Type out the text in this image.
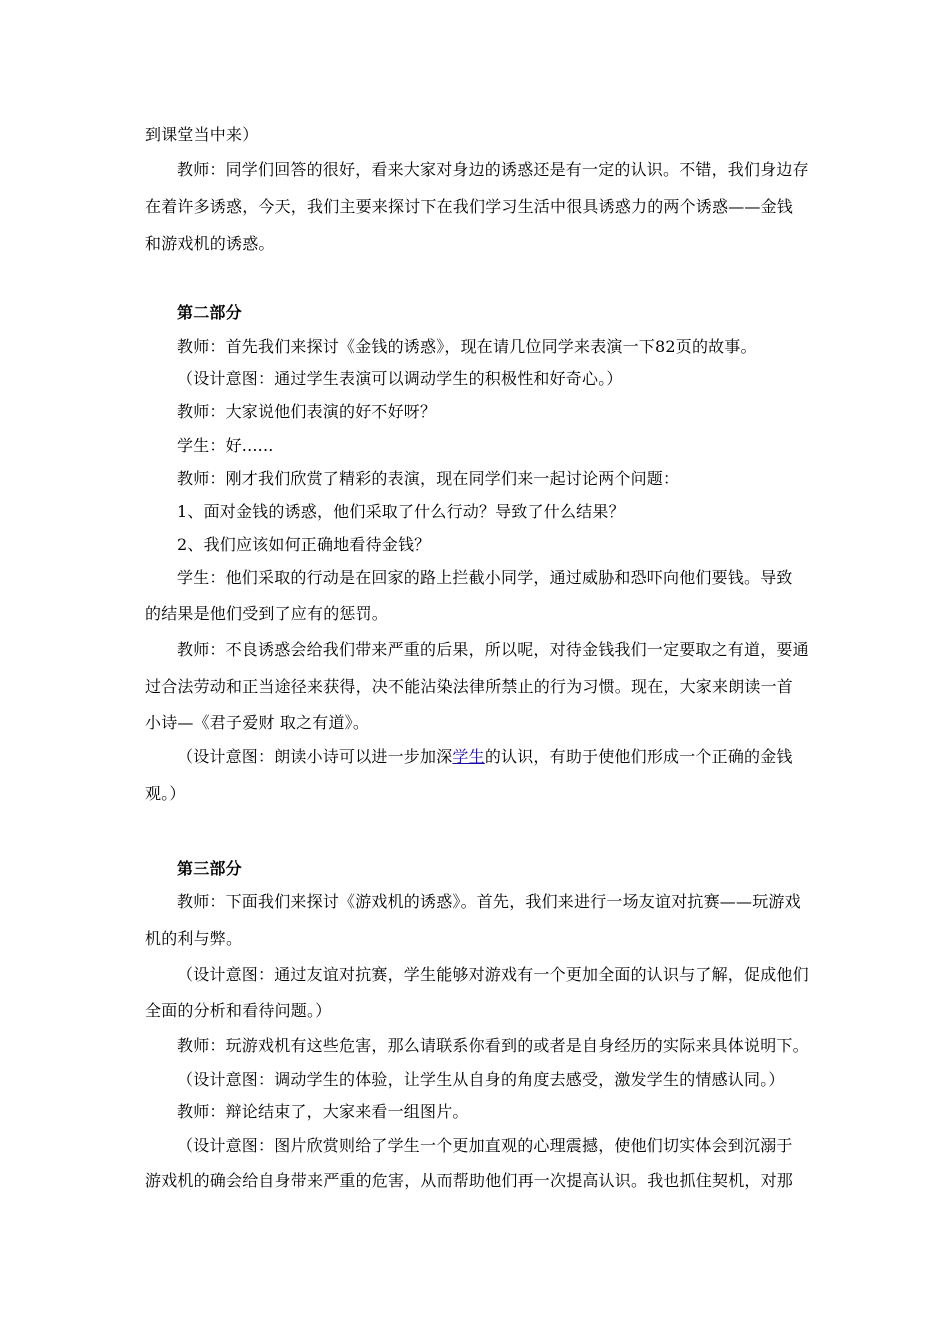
到课堂当中来）
教师：同学们回答的很好，看来大家对身边的诱惑还是有一定的认识。不错，我们身边存
在着许多诱惑，今天，我们主要来探讨下在我们学习生活中很具诱惑力的两个诱惑——金钱
和游戏机的诱惑。
第二部分
教师：首先我们来探讨《金钱的诱惑》，现在请几位同学来表演一下82页的故事。
（设计意图：通过学生表演可以调动学生的积极性和好奇心。）
教师：大家说他们表演的好不好呀？
学生：好......
教师：刚才我们欣赏了精彩的表演，现在同学们来一起讨论两个问题：
1、面对金钱的诱惑，他们采取了什么行动？导致了什么结果？
2、我们应该如何正确地看待金钱？
学生：他们采取的行动是在回家的路上拦截小同学，通过威胁和恐吓向他们要钱。导致
的结果是他们受到了应有的惩罚。
教师：不良诱惑会给我们带来严重的后果，所以呢，对待金钱我们一定要取之有道，要通
过合法劳动和正当途径来获得，决不能沾染法律所禁止的行为习惯。现在，大家来朗读一首
小诗—《君子爱财 取之有道》。
（设计意图：朗读小诗可以进一步加深学生的认识，有助于使他们形成一个正确的金钱
观。）
第三部分
教师：下面我们来探讨《游戏机的诱惑》。首先，我们来进行一场友谊对抗赛——玩游戏
机的利与弊。
（设计意图：通过友谊对抗赛，学生能够对游戏有一个更加全面的认识与了解，促成他们
全面的分析和看待问题。）
教师：玩游戏机有这些危害，那么请联系你看到的或者是自身经历的实际来具体说明下。
（设计意图：调动学生的体验，让学生从自身的角度去感受，激发学生的情感认同。）
教师：辩论结束了，大家来看一组图片。
（设计意图：图片欣赏则给了学生一个更加直观的心理震撼，使他们切实体会到沉溺于
游戏机的确会给自身带来严重的危害，从而帮助他们再一次提高认识。我也抓住契机，对那
